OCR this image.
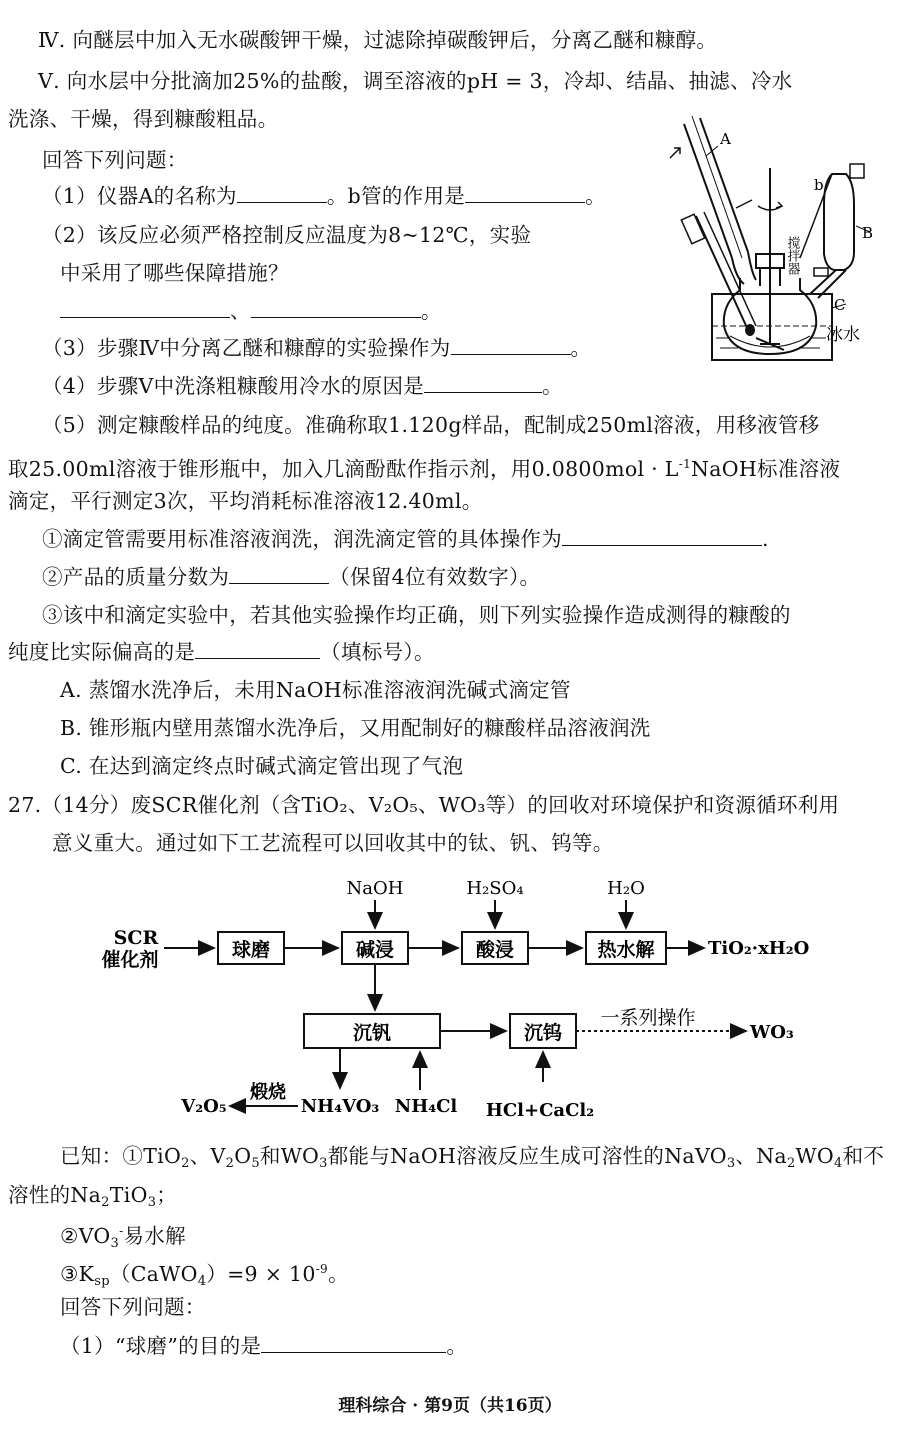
Ⅳ. 向醚层中加入无水碳酸钾干燥，过滤除掉碳酸钾后，分离乙醚和糠醇。
Ⅴ. 向水层中分批滴加25%的盐酸，调至溶液的pH = 3，冷却、结晶、抽滤、冷水
洗涤、干燥，得到糠酸粗品。
回答下列问题：
（1）仪器A的名称为	。b管的作用是	。
（2）该反应必须严格控制反应温度为8~12℃，实验
中采用了哪些保障措施？
、	。
（3）步骤Ⅳ中分离乙醚和糠醇的实验操作为	。
（4）步骤Ⅴ中洗涤粗糠酸用冷水的原因是	。
（5）测定糠酸样品的纯度。准确称取1.120g样品，配制成250ml溶液，用移液管移
取25.00ml溶液于锥形瓶中，加入几滴酚酞作指示剂，用$0.0800mol \cdot L^{-1}NaOH$标准溶液
滴定，平行测定3次，平均消耗标准溶液12.40ml。
①滴定管需要用标准溶液润洗，润洗滴定管的具体操作为	.
②产品的质量分数为	（保留4位有效数字）。
③该中和滴定实验中，若其他实验操作均正确，则下列实验操作造成测得的糠酸的
纯度比实际偏高的是	（填标号）。
A. 蒸馏水洗净后，未用NaOH标准溶液润洗碱式滴定管
B. 锥形瓶内壁用蒸馏水洗净后，又用配制好的糠酸样品溶液润洗
C. 在达到滴定终点时碱式滴定管出现了气泡
27.（14分）废SCR催化剂（含TiO₂、V₂O₅、WO₃等）的回收对环境保护和资源循环利用
意义重大。通过如下工艺流程可以回收其中的钛、钒、钨等。
A
b
B
C
搅拌器
冰水
SCR
催化剂	球磨	碱浸
NaOH
酸浸
H₂SO₄
热水解
H₂O
TiO₂·xH₂O
沉钒	沉钨
一系列操作
WO₃
NH₄VO₃ NH₄Cl HCl+CaCl₂
煅烧
V₂O₅
已知：①TiO$_2$、$V_2O_5$和$WO_3$都能与NaOH溶液反应生成可溶性的NaVO$_3$、$Na_2WO_4$和不
溶性的$Na_2TiO_3$；
$②VO_3^-$易水解
$③K_{sp}(CaWO_4)=9 \times 10^{-9}$。
回答下列问题：
（1）“球磨”的目的是	。
理科综合 · 第9页（共16页）
